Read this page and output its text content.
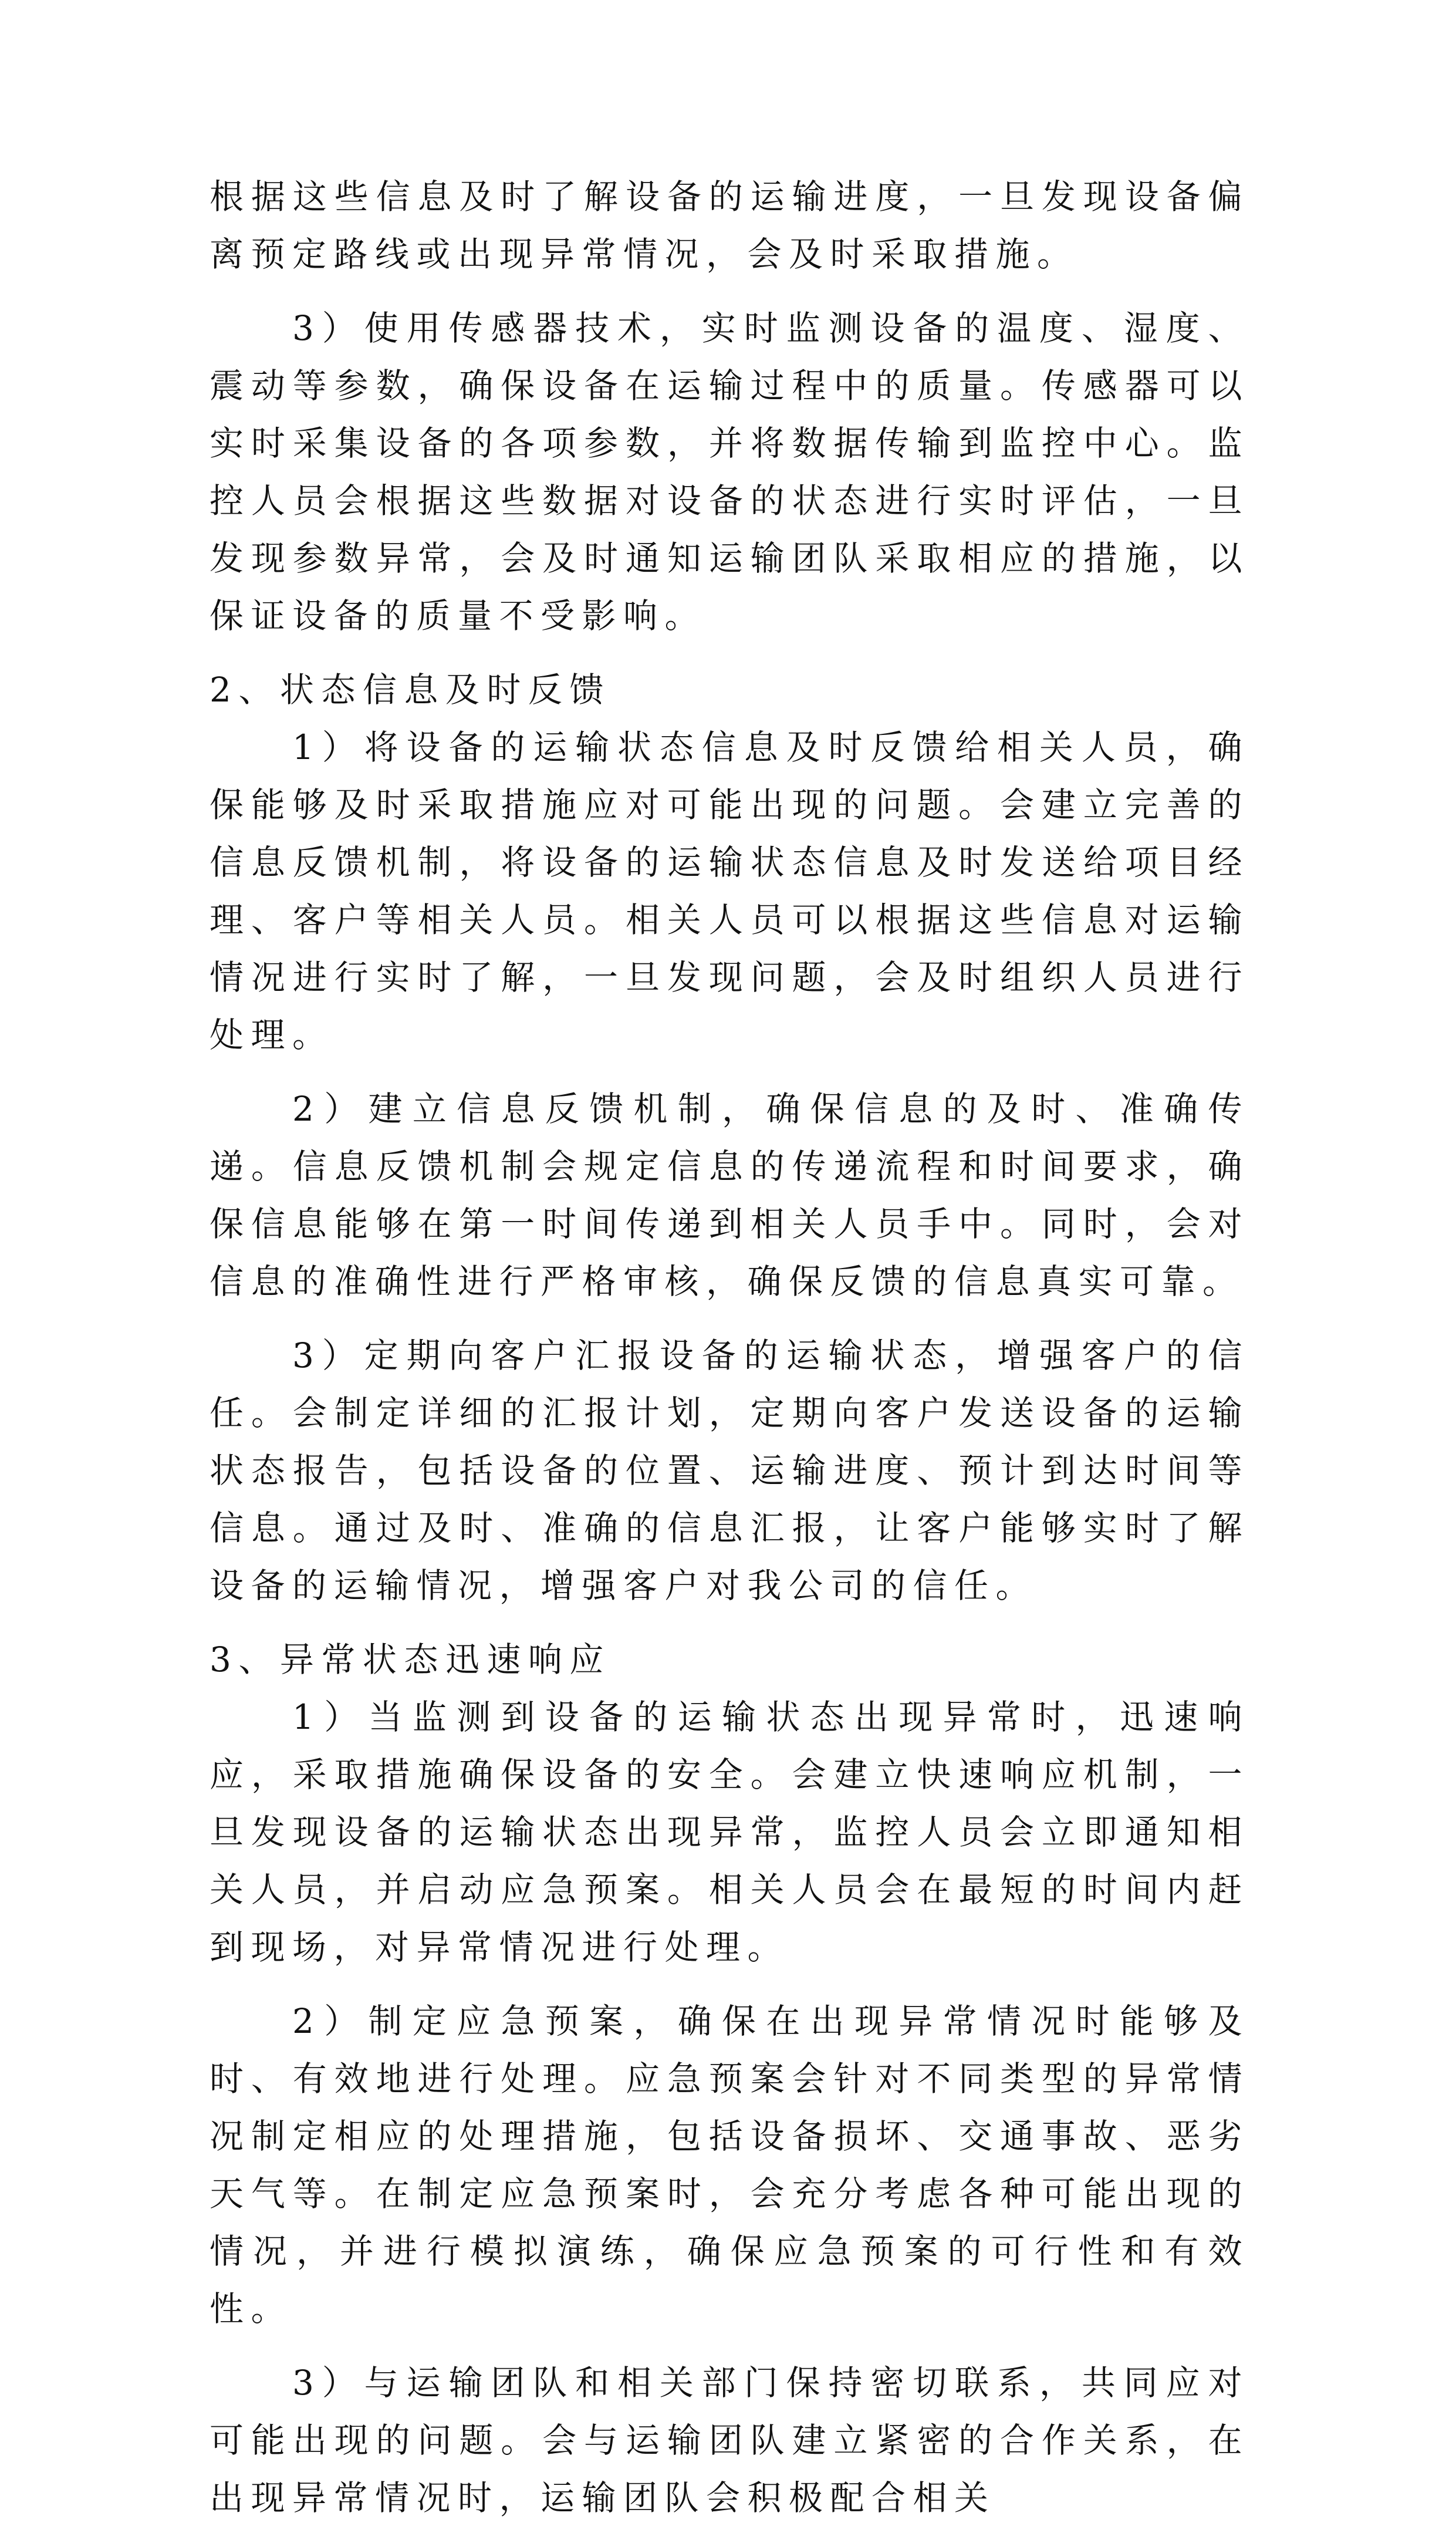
根据这些信息及时了解设备的运输进度，一旦发现设备偏离预定路线或出现异常情况，会及时采取措施。

3）使用传感器技术，实时监测设备的温度、湿度、震动等参数，确保设备在运输过程中的质量。传感器可以实时采集设备的各项参数，并将数据传输到监控中心。监控人员会根据这些数据对设备的状态进行实时评估，一旦发现参数异常，会及时通知运输团队采取相应的措施，以保证设备的质量不受影响。

2、状态信息及时反馈

1）将设备的运输状态信息及时反馈给相关人员，确保能够及时采取措施应对可能出现的问题。会建立完善的信息反馈机制，将设备的运输状态信息及时发送给项目经理、客户等相关人员。相关人员可以根据这些信息对运输情况进行实时了解，一旦发现问题，会及时组织人员进行处理。

2）建立信息反馈机制，确保信息的及时、准确传递。信息反馈机制会规定信息的传递流程和时间要求，确保信息能够在第一时间传递到相关人员手中。同时，会对信息的准确性进行严格审核，确保反馈的信息真实可靠。

3）定期向客户汇报设备的运输状态，增强客户的信任。会制定详细的汇报计划，定期向客户发送设备的运输状态报告，包括设备的位置、运输进度、预计到达时间等信息。通过及时、准确的信息汇报，让客户能够实时了解设备的运输情况，增强客户对我公司的信任。

3、异常状态迅速响应

1）当监测到设备的运输状态出现异常时，迅速响应，采取措施确保设备的安全。会建立快速响应机制，一旦发现设备的运输状态出现异常，监控人员会立即通知相关人员，并启动应急预案。相关人员会在最短的时间内赶到现场，对异常情况进行处理。

2）制定应急预案，确保在出现异常情况时能够及时、有效地进行处理。应急预案会针对不同类型的异常情况制定相应的处理措施，包括设备损坏、交通事故、恶劣天气等。在制定应急预案时，会充分考虑各种可能出现的情况，并进行模拟演练，确保应急预案的可行性和有效性。

3）与运输团队和相关部门保持密切联系，共同应对可能出现的问题。会与运输团队建立紧密的合作关系，在出现异常情况时，运输团队会积极配合相关
